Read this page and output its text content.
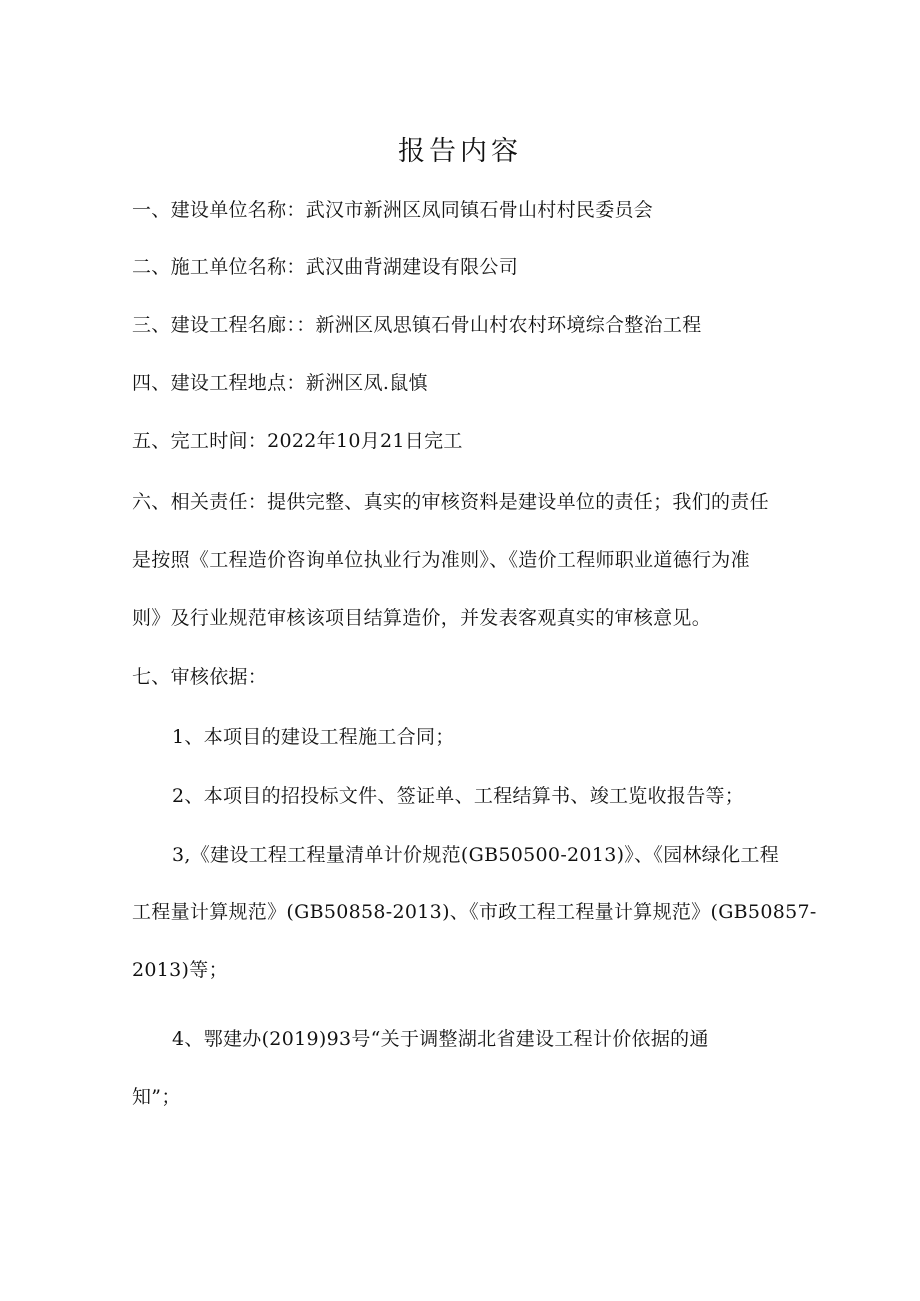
报告内容
一、建设单位名称：武汉市新洲区凤同镇石骨山村村民委员会
二、施工单位名称：武汉曲背湖建设有限公司
三、建设工程名廊：：新洲区凤思镇石骨山村农村环境综合整治工程
四、建设工程地点：新洲区凤.鼠慎
五、完工时间：2022年10月21日完工
六、相关责任：提供完整、真实的审核资料是建设单位的责任；我们的责任
是按照《工程造价咨询单位执业行为准则》、《造价工程师职业道德行为准
则》及行业规范审核该项目结算造价，并发表客观真实的审核意见。
七、审核依据：
1、本项目的建设工程施工合同；
2、本项目的招投标文件、签证单、工程结算书、竣工览收报告等；
3,《建设工程工程量清单计价规范(GB50500-2013)》、《园林绿化工程
工程量计算规范》(GB50858-2013)、《市政工程工程量计算规范》(GB50857-
2013)等；
4、鄂建办(2019)93号“关于调整湖北省建设工程计价依据的通
知”；
